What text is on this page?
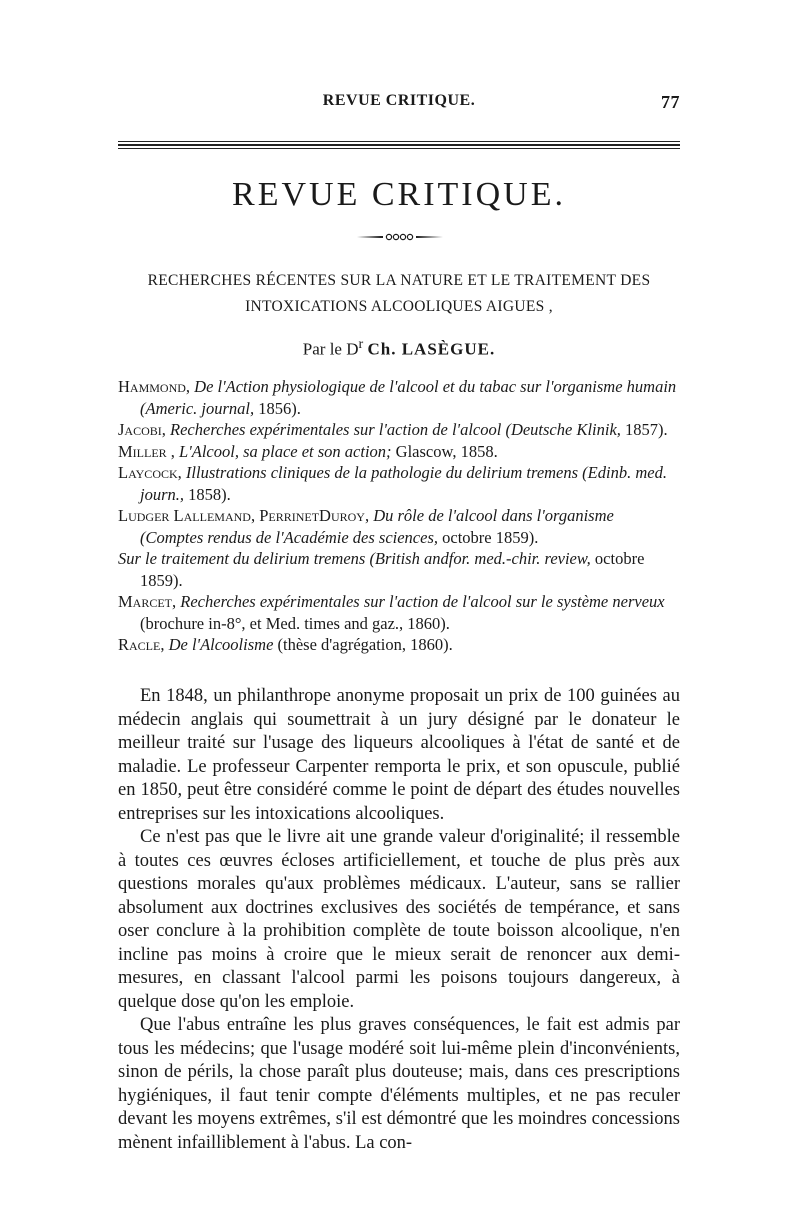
REVUE CRITIQUE.	77
REVUE CRITIQUE.
RECHERCHES RÉCENTES SUR LA NATURE ET LE TRAITEMENT DES
INTOXICATIONS ALCOOLIQUES AIGUES ,
Par le $D^r$ Ch. LASÈGUE.

Hammond, De l'Action physiologique de l'alcool et du tabac sur l'organisme humain (Americ. journal, 1856).

Jacobi, Recherches expérimentales sur l'action de l'alcool (Deutsche Klinik, 1857).

Miller , L'Alcool, sa place et son action; Glascow, 1858.

Laycock, Illustrations cliniques de la pathologie du delirium tremens (Edinb. med. journ., 1858).

Ludger Lallemand, PerrinetDuroy, Du rôle de l'alcool dans l'organisme (Comptes rendus de l'Académie des sciences, octobre 1859).

Sur le traitement du delirium tremens (British andfor. med.-chir. review, octobre 1859).

Marcet, Recherches expérimentales sur l'action de l'alcool sur le système nerveux (brochure in-8°, et Med. times and gaz., 1860).

Racle, De l'Alcoolisme (thèse d'agrégation, 1860).

En 1848, un philanthrope anonyme proposait un prix de 100 guinées au médecin anglais qui soumettrait à un jury désigné par le donateur le meilleur traité sur l'usage des liqueurs alcooliques à l'état de santé et de maladie. Le professeur Carpenter remporta le prix, et son opuscule, publié en 1850, peut être considéré comme le point de départ des études nouvelles entreprises sur les intoxications alcooliques.

Ce n'est pas que le livre ait une grande valeur d'originalité; il ressemble à toutes ces œuvres écloses artificiellement, et touche de plus près aux questions morales qu'aux problèmes médicaux. L'auteur, sans se rallier absolument aux doctrines exclusives des sociétés de tempérance, et sans oser conclure à la prohibition complète de toute boisson alcoolique, n'en incline pas moins à croire que le mieux serait de renoncer aux demi-mesures, en classant l'alcool parmi les poisons toujours dangereux, à quelque dose qu'on les emploie.

Que l'abus entraîne les plus graves conséquences, le fait est admis par tous les médecins; que l'usage modéré soit lui-même plein d'inconvénients, sinon de périls, la chose paraît plus douteuse; mais, dans ces prescriptions hygiéniques, il faut tenir compte d'éléments multiples, et ne pas reculer devant les moyens extrêmes, s'il est démontré que les moindres concessions mènent infailliblement à l'abus. La con-
